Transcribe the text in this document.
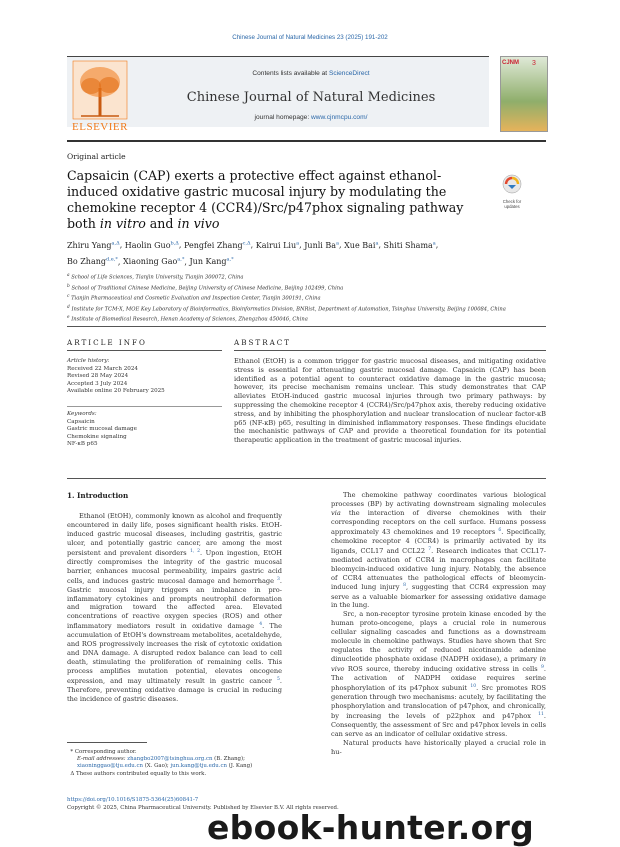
Chinese Journal of Natural Medicines 23 (2025) 191-202
ELSEVIER
Contents lists available at ScienceDirect
Chinese Journal of Natural Medicines
journal homepage: www.cjnmcpu.com/
CJNM 3
Original article
Capsaicin (CAP) exerts a protective effect against ethanol-induced oxidative gastric mucosal injury by modulating the chemokine receptor 4 (CCR4)/Src/p47phox signaling pathway both in vitro and in vivo
Check for
updates
Zhiru Yang$^{a,\Delta}$, Haolin Guo$^{b,\Delta}$, Pengfei Zhang$^{c,\Delta}$, Kairui Liu$^a$, Junli Ba$^a$, Xue Bai$^a$, Shiti Shama$^a$,
Bo Zhang$^{d,e,*}$, Xiaoning Gao$^{a,*}$, Jun Kang$^{a,*}$
$^a$ School of Life Sciences, Tianjin University, Tianjin 300072, China
$^b$ School of Traditional Chinese Medicine, Beijing University of Chinese Medicine, Beijing 102499, China
$^c$ Tianjin Pharmaceutical and Cosmetic Evaluation and Inspection Center, Tianjin 300191, China
$^d$ Institute for TCM-X, MOE Key Laboratory of Bioinformatics, Bioinformatics Division, BNRist, Department of Automation, Tsinghua University, Beijing 100084, China
$^e$ Institute of Biomedical Research, Henan Academy of Sciences, Zhengzhou 450046, China
ARTICLE INFO
Article history:
Received 22 March 2024
Revised 28 May 2024
Accepted 3 July 2024
Available online 20 February 2025
Keywords:
Capsaicin
Gastric mucosal damage
Chemokine signaling
NF-κB p65
ABSTRACT
Ethanol (EtOH) is a common trigger for gastric mucosal diseases, and mitigating oxidative stress is essential for attenuating gastric mucosal damage. Capsaicin (CAP) has been identified as a potential agent to counteract oxidative damage in the gastric mucosa; however, its precise mechanism remains unclear. This study demonstrates that CAP alleviates EtOH-induced gastric mucosal injuries through two primary pathways: by suppressing the chemokine receptor 4 (CCR4)/Src/p47phox axis, thereby reducing oxidative stress, and by inhibiting the phosphorylation and nuclear translocation of nuclear factor-κB p65 (NF-κB) p65, resulting in diminished inflammatory responses. These findings elucidate the mechanistic pathways of CAP and provide a theoretical foundation for its potential therapeutic application in the treatment of gastric mucosal injuries.
1. Introduction

Ethanol (EtOH), commonly known as alcohol and frequently encountered in daily life, poses significant health risks. EtOH-induced gastric mucosal diseases, including gastritis, gastric ulcer, and potentially gastric cancer, are among the most persistent and prevalent disorders $^{1, 2}$. Upon ingestion, EtOH directly compromises the integrity of the gastric mucosal barrier, enhances mucosal permeability, impairs gastric acid cells, and induces gastric mucosal damage and hemorrhage $^3$. Gastric mucosal injury triggers an imbalance in pro-inflammatory cytokines and prompts neutrophil deformation and migration toward the affected area. Elevated concentrations of reactive oxygen species (ROS) and other inflammatory mediators result in oxidative damage $^4$. The accumulation of EtOH's downstream metabolites, acetaldehyde, and ROS progressively increases the risk of cytotoxic oxidation and DNA damage. A disrupted redox balance can lead to cell death, stimulating the proliferation of remaining cells. This process amplifies mutation potential, elevates oncogene expression, and may ultimately result in gastric cancer $^5$. Therefore, preventing oxidative damage is crucial in reducing the incidence of gastric diseases.

The chemokine pathway coordinates various biological processes (BP) by activating downstream signaling molecules via the interaction of diverse chemokines with their corresponding receptors on the cell surface. Humans possess approximately 43 chemokines and 19 receptors $^6$. Specifically, chemokine receptor 4 (CCR4) is primarily activated by its ligands, CCL17 and CCL22 $^7$. Research indicates that CCL17-mediated activation of CCR4 in macrophages can facilitate bleomycin-induced oxidative lung injury. Notably, the absence of CCR4 attenuates the pathological effects of bleomycin-induced lung injury $^8$, suggesting that CCR4 expression may serve as a valuable biomarker for assessing oxidative damage in the lung.

Src, a non-receptor tyrosine protein kinase encoded by the human proto-oncogene, plays a crucial role in numerous cellular signaling cascades and functions as a downstream molecule in chemokine pathways. Studies have shown that Src regulates the activity of reduced nicotinamide adenine dinucleotide phosphate oxidase (NADPH oxidase), a primary in vivo ROS source, thereby inducing oxidative stress in cells $^9$. The activation of NADPH oxidase requires serine phosphorylation of its p47phox subunit $^{10}$. Src promotes ROS generation through two mechanisms: acutely, by facilitating the phosphorylation and translocation of p47phox, and chronically, by increasing the levels of p22phox and p47phox $^{11}$. Consequently, the assessment of Src and p47phox levels in cells can serve as an indicator of cellular oxidative stress.

Natural products have historically played a crucial role in hu-

* Corresponding author.
E-mail addresses: zhangbo2007@tsinghua.org.cn (B. Zhang); xiaoninggao@tju.edu.cn (X. Gao); jun.kang@tju.edu.cn (J. Kang)
Δ These authors contributed equally to this work.
https://doi.org/10.1016/S1875-5364(25)60841-7
Copyright © 2025, China Pharmaceutical University. Published by Elsevier B.V. All rights reserved.
ebook-hunter.org
